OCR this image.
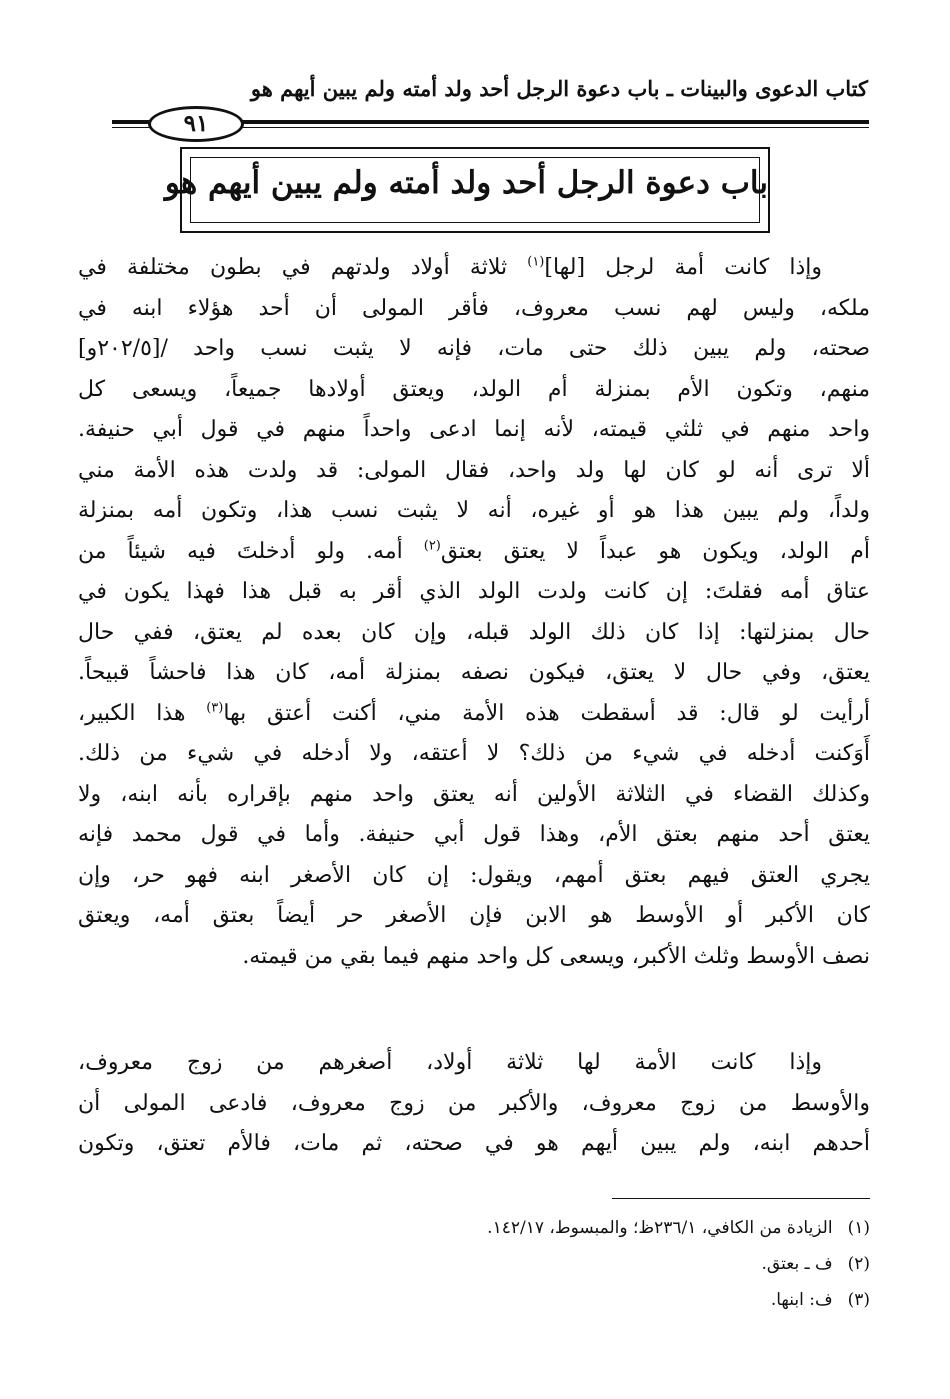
كتاب الدعوى والبينات ـ باب دعوة الرجل أحد ولد أمته ولم يبين أيهم هو
٩١
باب دعوة الرجل أحد ولد أمته ولم يبين أيهم هو
وإذا كانت أمة لرجل [لها]$^{(١)}$ ثلاثة أولاد ولدتهم في بطون مختلفة في
ملكه، وليس لهم نسب معروف، فأقر المولى أن أحد هؤلاء ابنه في
صحته، ولم يبين ذلك حتى مات، فإنه لا يثبت نسب واحد /[٢٠٢/٥و]
منهم، وتكون الأم بمنزلة أم الولد، ويعتق أولادها جميعاً، ويسعى كل
واحد منهم في ثلثي قيمته، لأنه إنما ادعى واحداً منهم في قول أبي حنيفة.
ألا ترى أنه لو كان لها ولد واحد، فقال المولى: قد ولدت هذه الأمة مني
ولداً، ولم يبين هذا هو أو غيره، أنه لا يثبت نسب هذا، وتكون أمه بمنزلة
أم الولد، ويكون هو عبداً لا يعتق بعتق$^{(٢)}$ أمه. ولو أدخلتَ فيه شيئاً من
عتاق أمه فقلتَ: إن كانت ولدت الولد الذي أقر به قبل هذا فهذا يكون في
حال بمنزلتها: إذا كان ذلك الولد قبله، وإن كان بعده لم يعتق، ففي حال
يعتق، وفي حال لا يعتق، فيكون نصفه بمنزلة أمه، كان هذا فاحشاً قبيحاً.
أرأيت لو قال: قد أسقطت هذه الأمة مني، أكنت أعتق بها$^{(٣)}$ هذا الكبير،
أَوَكنت أدخله في شيء من ذلك؟ لا أعتقه، ولا أدخله في شيء من ذلك.
وكذلك القضاء في الثلاثة الأولين أنه يعتق واحد منهم بإقراره بأنه ابنه، ولا
يعتق أحد منهم بعتق الأم، وهذا قول أبي حنيفة. وأما في قول محمد فإنه
يجري العتق فيهم بعتق أمهم، ويقول: إن كان الأصغر ابنه فهو حر، وإن
كان الأكبر أو الأوسط هو الابن فإن الأصغر حر أيضاً بعتق أمه، ويعتق
نصف الأوسط وثلث الأكبر، ويسعى كل واحد منهم فيما بقي من قيمته.
وإذا كانت الأمة لها ثلاثة أولاد، أصغرهم من زوج معروف،
والأوسط من زوج معروف، والأكبر من زوج معروف، فادعى المولى أن
أحدهم ابنه، ولم يبين أيهم هو في صحته، ثم مات، فالأم تعتق، وتكون
(١) الزيادة من الكافي، ٢٣٦/١ظ؛ والمبسوط، ١٤٢/١٧.
(٢) ف ـ بعتق.
(٣) ف: ابنها.
